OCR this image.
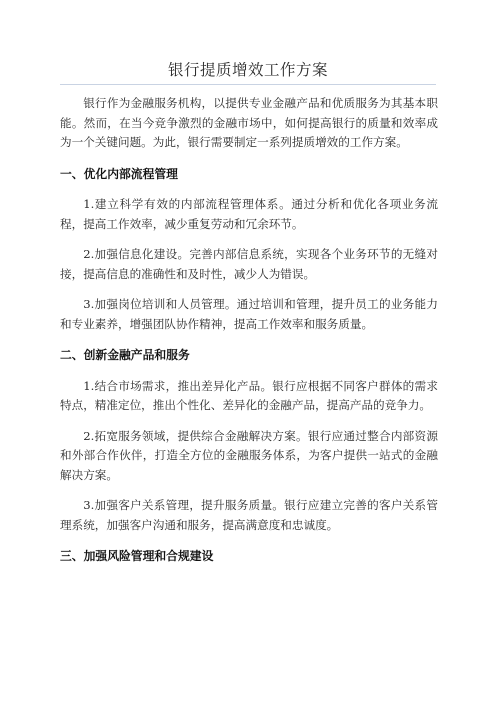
银行提质增效工作方案

银行作为金融服务机构，以提供专业金融产品和优质服务为其基本职能。然而，在当今竞争激烈的金融市场中，如何提高银行的质量和效率成为一个关键问题。为此，银行需要制定一系列提质增效的工作方案。

一、优化内部流程管理

1.建立科学有效的内部流程管理体系。通过分析和优化各项业务流程，提高工作效率，减少重复劳动和冗余环节。

2.加强信息化建设。完善内部信息系统，实现各个业务环节的无缝对接，提高信息的准确性和及时性，减少人为错误。

3.加强岗位培训和人员管理。通过培训和管理，提升员工的业务能力和专业素养，增强团队协作精神，提高工作效率和服务质量。

二、创新金融产品和服务

1.结合市场需求，推出差异化产品。银行应根据不同客户群体的需求特点，精准定位，推出个性化、差异化的金融产品，提高产品的竞争力。

2.拓宽服务领域，提供综合金融解决方案。银行应通过整合内部资源和外部合作伙伴，打造全方位的金融服务体系，为客户提供一站式的金融解决方案。

3.加强客户关系管理，提升服务质量。银行应建立完善的客户关系管理系统，加强客户沟通和服务，提高满意度和忠诚度。

三、加强风险管理和合规建设
